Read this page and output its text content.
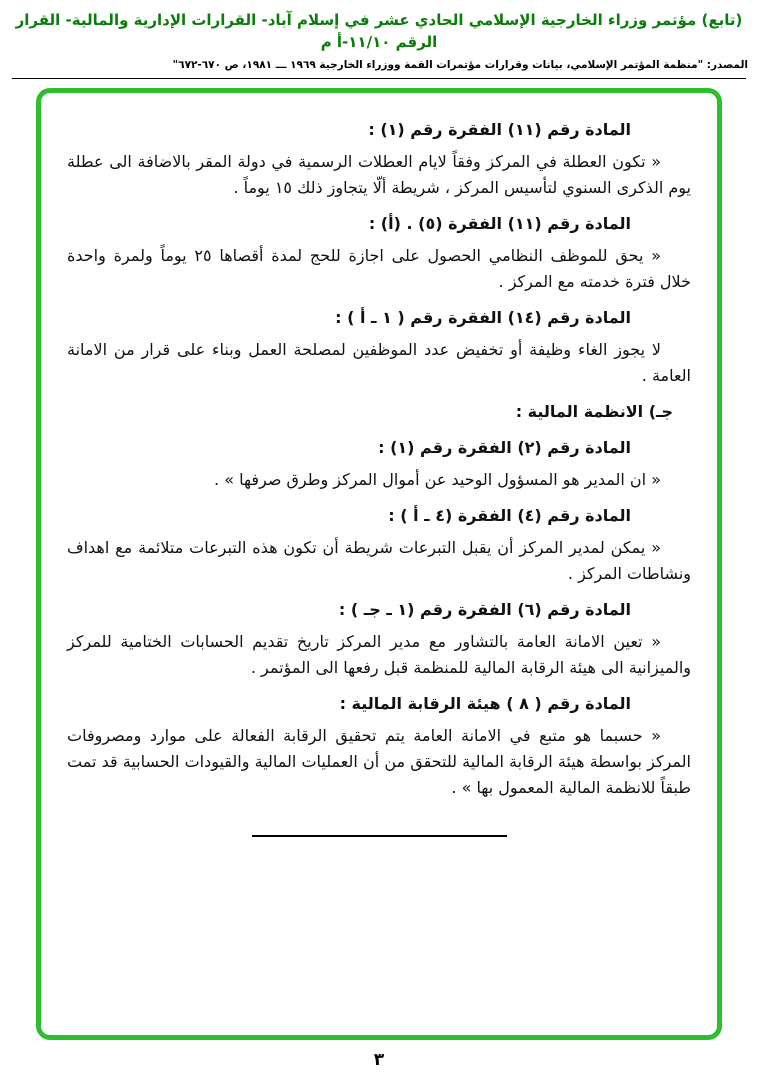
(تابع) مؤتمر وزراء الخارجية الإسلامي الحادي عشر في إسلام آباد- القرارات الإدارية والمالية- القرار الرقم ١١/١٠-أ م
المصدر: "منظمة المؤتمر الإسلامي، بيانات وقرارات مؤتمرات القمة ووزراء الخارجية ١٩٦٩ ـــ ١٩٨١، ص ٦٧٠-٦٧٢"
المادة رقم (١١) الفقرة رقم (١) :

« تكون العطلة في المركز وفقاً لايام العطلات الرسمية في دولة المقر بالاضافة الى عطلة يوم الذكرى السنوي لتأسيس المركز ، شريطة ألّا يتجاوز ذلك ١٥ يوماً .

المادة رقم (١١) الفقرة (٥) . (أ) :

« يحق للموظف النظامي الحصول على اجازة للحج لمدة أقصاها ٢٥ يوماً ولمرة واحدة خلال فترة خدمته مع المركز .

المادة رقم (١٤) الفقرة رقم ( ١ ـ أ ) :

لا يجوز الغاء وظيفة أو تخفيض عدد الموظفين لمصلحة العمل وبناء على قرار من الامانة العامة .

جـ) الانظمة المالية :
المادة رقم (٢) الفقرة رقم (١) :

« ان المدير هو المسؤول الوحيد عن أموال المركز وطرق صرفها » .

المادة رقم (٤) الفقرة (٤ ـ أ ) :

« يمكن لمدير المركز أن يقبل التبرعات شريطة أن تكون هذه التبرعات متلائمة مع اهداف ونشاطات المركز .

المادة رقم (٦) الفقرة رقم (١ ـ جـ ) :

« تعين الامانة العامة بالتشاور مع مدير المركز تاريخ تقديم الحسابات الختامية للمركز والميزانية الى هيئة الرقابة المالية للمنظمة قبل رفعها الى المؤتمر .

المادة رقم ( ٨ ) هيئة الرقابة المالية :

« حسبما هو متبع في الامانة العامة يتم تحقيق الرقابة الفعالة على موارد ومصروفات المركز بواسطة هيئة الرقابة المالية للتحقق من أن العمليات المالية والقيودات الحسابية قد تمت طبقاً للانظمة المالية المعمول بها » .

٣
